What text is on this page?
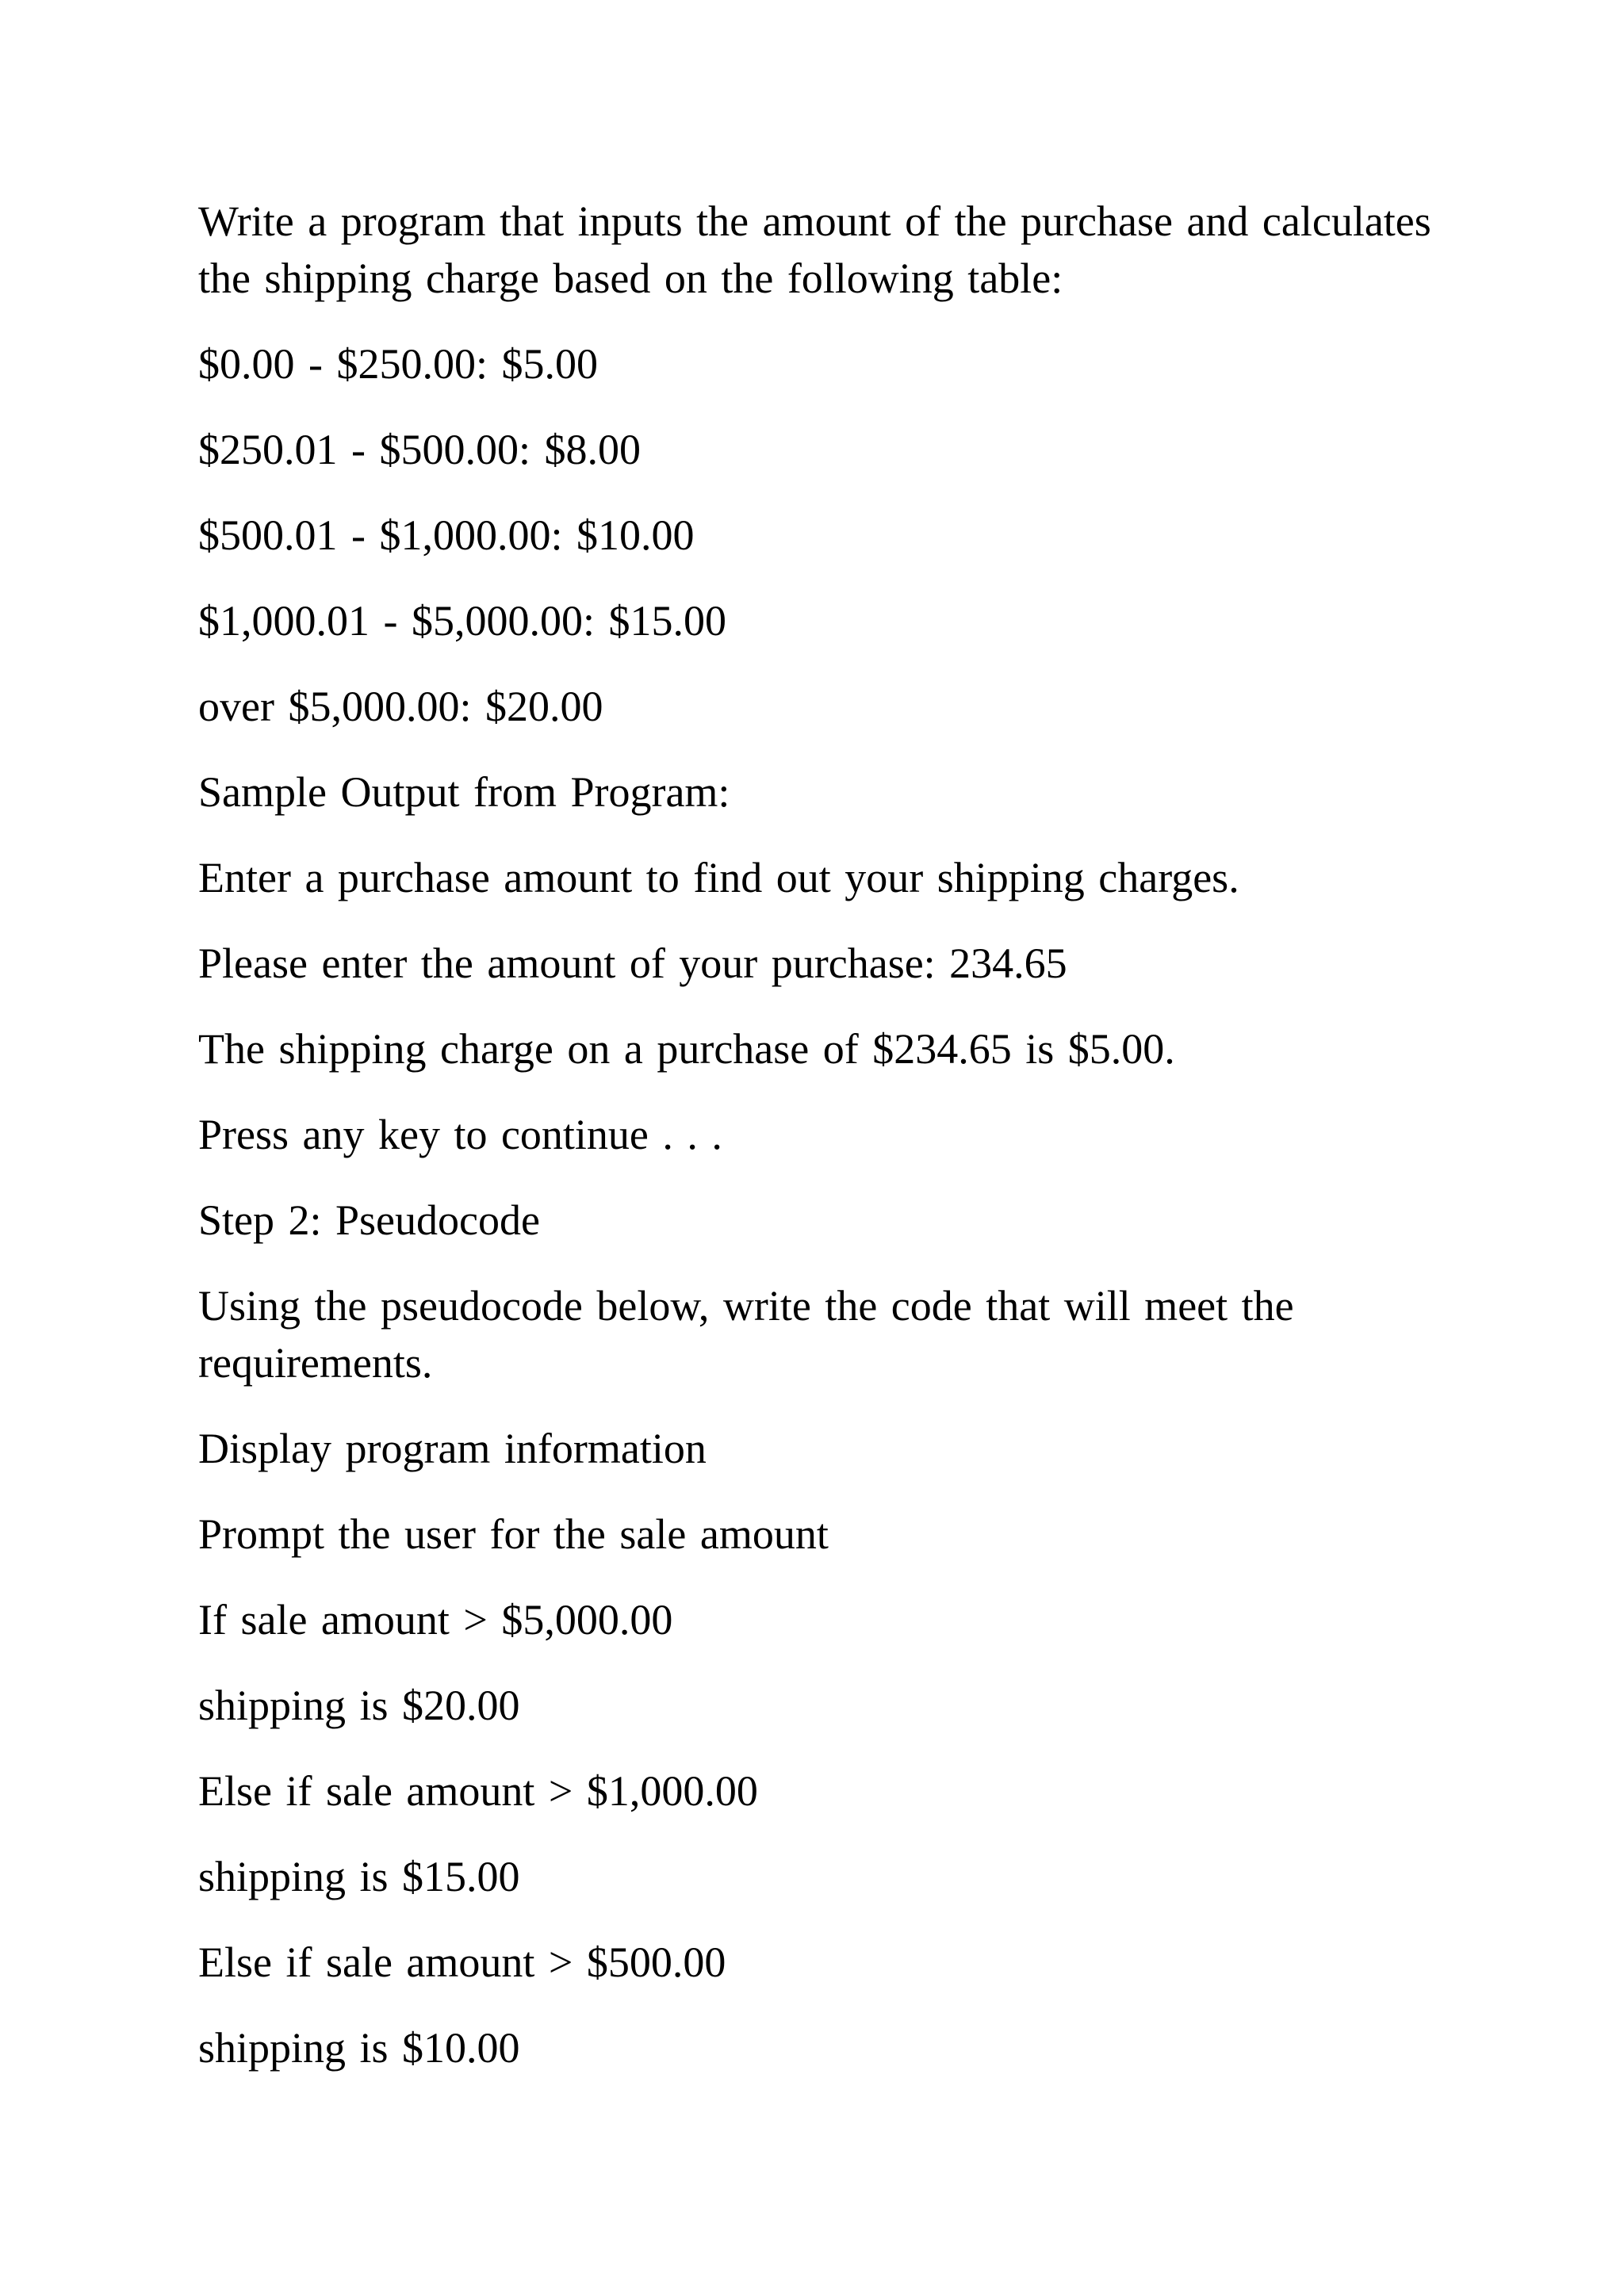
Write a program that inputs the amount of the purchase and calculates the shipping charge based on the following table:

$0.00 - $250.00: $5.00

$250.01 - $500.00: $8.00

$500.01 - $1,000.00: $10.00

$1,000.01 - $5,000.00: $15.00

over $5,000.00: $20.00

Sample Output from Program:

Enter a purchase amount to find out your shipping charges.

Please enter the amount of your purchase: 234.65

The shipping charge on a purchase of $234.65 is $5.00.

Press any key to continue . . .

Step 2: Pseudocode

Using the pseudocode below, write the code that will meet the requirements.

Display program information

Prompt the user for the sale amount

If sale amount > $5,000.00

shipping is $20.00

Else if sale amount > $1,000.00

shipping is $15.00

Else if sale amount > $500.00

shipping is $10.00
